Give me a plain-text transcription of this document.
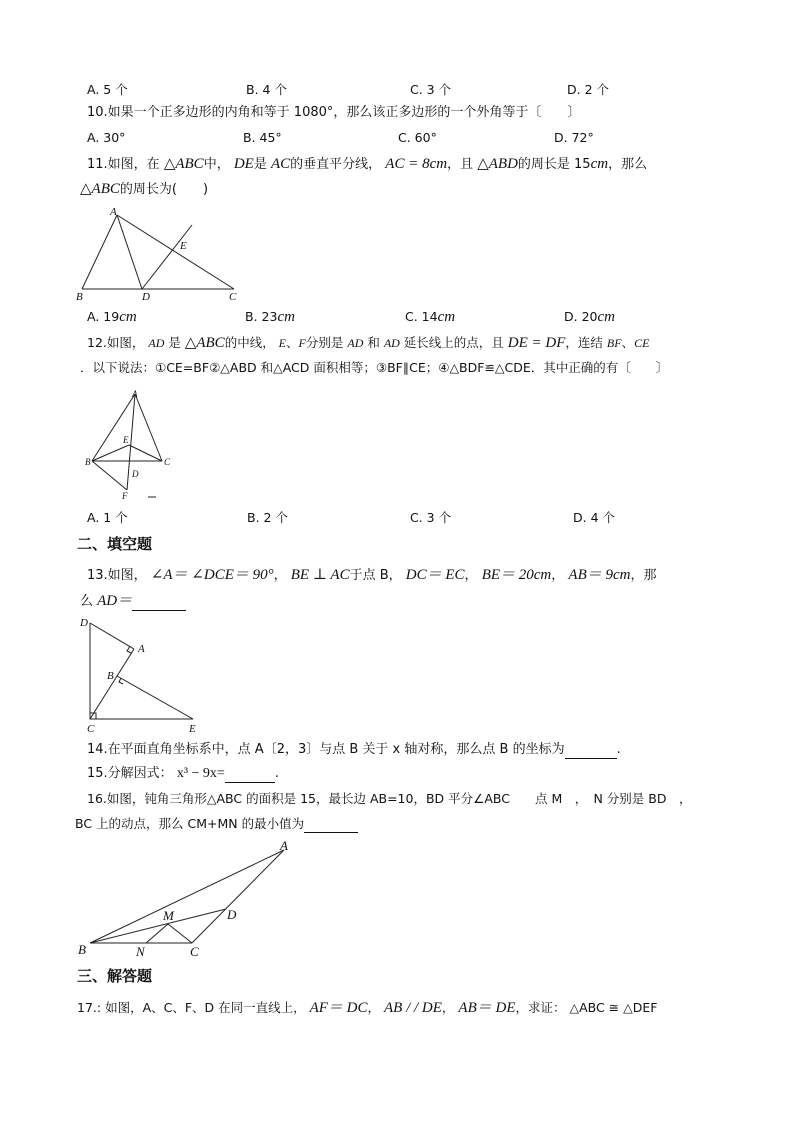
A. 5 个	B. 4 个	C. 3 个	D. 2 个
10.如果一个正多边形的内角和等于 1080°，那么该正多边形的一个外角等于〔　　〕
A. 30°	B. 45°	C. 60°	D. 72°
11.如图，在 △ABC中， DE是 AC的垂直平分线， AC = 8cm，且 △ABD的周长是 15cm，那么
△ABC的周长为(　　)
A
B	C
D
E
A. 19cm	B. 23cm	C. 14cm	D. 20cm
12.如图， AD 是 △ABC的中线， E、F分别是 AD 和 AD 延长线上的点，且 DE = DF，连结 BF、CE
．以下说法：①CE=BF②△ABD 和△ACD 面积相等；③BF∥CE；④△BDF≌△CDE．其中正确的有〔　　〕
A
B	C
D
E
F
A. 1 个	B. 2 个	C. 3 个	D. 4 个
二、填空题
13.如图， ∠A＝ ∠DCE＝ 90°， BE ⊥ AC于点 B， DC＝ EC， BE＝ 20cm， AB＝ 9cm，那
么 AD＝
D
A
B
C	E
14.在平面直角坐标系中，点 A〔2，3〕与点 B 关于 x 轴对称，那么点 B 的坐标为	.
15.分解因式： x³ − 9x=	.
16.如图，钝角三角形△ABC 的面积是 15，最长边 AB=10，BD 平分∠ABC　　点 M　，　N 分别是 BD　，
BC 上的动点，那么 CM+MN 的最小值为
A
B	C
D
M
N
三、解答题
17.: 如图，A、C、F、D 在同一直线上， AF＝ DC， AB / / DE， AB＝ DE，求证： △ABC ≅ △DEF
